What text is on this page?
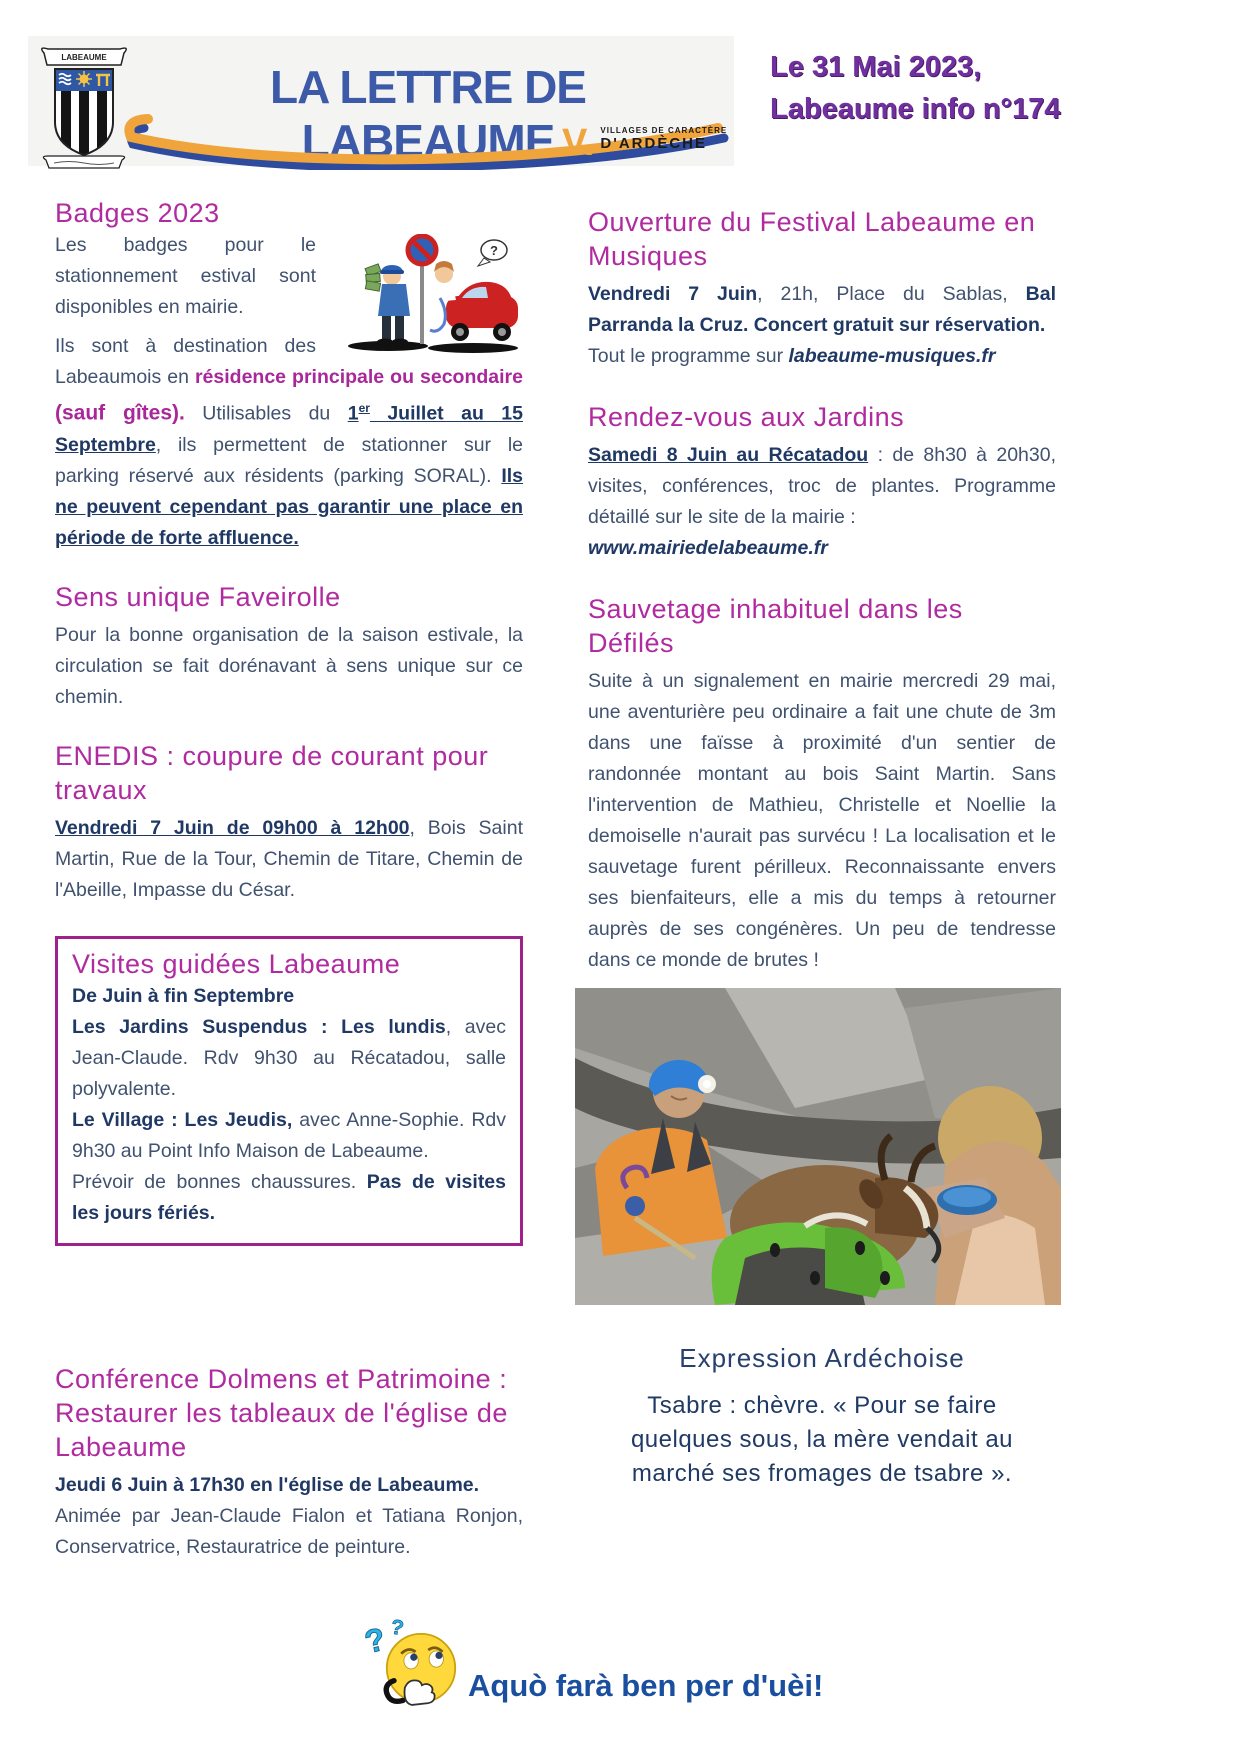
LABEAUME
LA LETTRE DE LABEAUME V. VILLAGES DE CARACTÈRE
D'ARDÈCHE
Le 31 Mai 2023,
Labeaume info n°174
Badges 2023
?

Les badges pour le stationnement estival sont disponibles en mairie.

Ils sont à destination des Labeaumois en résidence principale ou secondaire (sauf gîtes). Utilisables du 1er Juillet au 15 Septembre, ils permettent de stationner sur le parking réservé aux résidents (parking SORAL). Ils ne peuvent cependant pas garantir une place en période de forte affluence.

Sens unique Faveirolle

Pour la bonne organisation de la saison estivale, la circulation se fait dorénavant à sens unique sur ce chemin.

ENEDIS : coupure de courant pour travaux

Vendredi 7 Juin de 09h00 à 12h00, Bois Saint Martin, Rue de la Tour, Chemin de Titare, Chemin de l'Abeille, Impasse du César.

Visites guidées Labeaume

De Juin à fin Septembre

Les Jardins Suspendus : Les lundis, avec Jean-Claude. Rdv 9h30 au Récatadou, salle polyvalente.

Le Village : Les Jeudis, avec Anne-Sophie. Rdv 9h30 au Point Info Maison de Labeaume.

Prévoir de bonnes chaussures. Pas de visites les jours fériés.

Conférence Dolmens et Patrimoine : Restaurer les tableaux de l'église de Labeaume

Jeudi 6 Juin à 17h30 en l'église de Labeaume.

Animée par Jean-Claude Fialon et Tatiana Ronjon, Conservatrice, Restauratrice de peinture.

Ouverture du Festival Labeaume en Musiques

Vendredi 7 Juin, 21h, Place du Sablas, Bal Parranda la Cruz. Concert gratuit sur réservation.

Tout le programme sur labeaume-musiques.fr

Rendez-vous aux Jardins

Samedi 8 Juin au Récatadou : de 8h30 à 20h30, visites, conférences, troc de plantes. Programme détaillé sur le site de la mairie :

www.mairiedelabeaume.fr

Sauvetage inhabituel dans les Défilés

Suite à un signalement en mairie mercredi 29 mai, une aventurière peu ordinaire a fait une chute de 3m dans une faïsse à proximité d'un sentier de randonnée montant au bois Saint Martin. Sans l'intervention de Mathieu, Christelle et Noellie la demoiselle n'aurait pas survécu ! La localisation et le sauvetage furent périlleux. Reconnaissante envers ses bienfaiteurs, elle a mis du temps à retourner auprès de ses congénères. Un peu de tendresse dans ce monde de brutes !

Expression Ardéchoise
Tsabre : chèvre. « Pour se faire quelques sous, la mère vendait au marché ses fromages de tsabre ».
? ?
Aquò farà ben per d'uèi!
